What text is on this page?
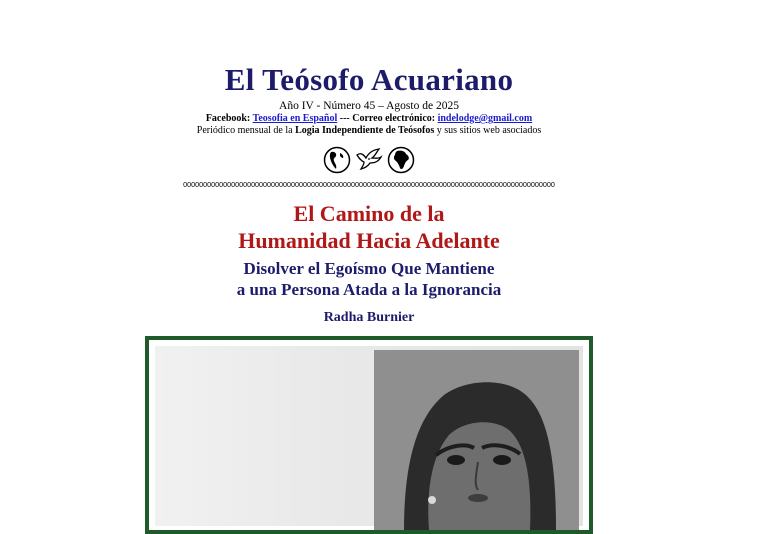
El Teósofo Acuariano
Año IV - Número 45 – Agosto de 2025
Facebook: Teosofia en Español --- Correo electrónico: indelodge@gmail.com
Periódico mensual de la Logia Independiente de Teósofos y sus sitios web asociados
000000000000000000000000000000000000000000000000000000000000000000000000000000000000000000000
El Camino de la
Humanidad Hacia Adelante
Disolver el Egoísmo Que Mantiene
a una Persona Atada a la Ignorancia
Radha Burnier
